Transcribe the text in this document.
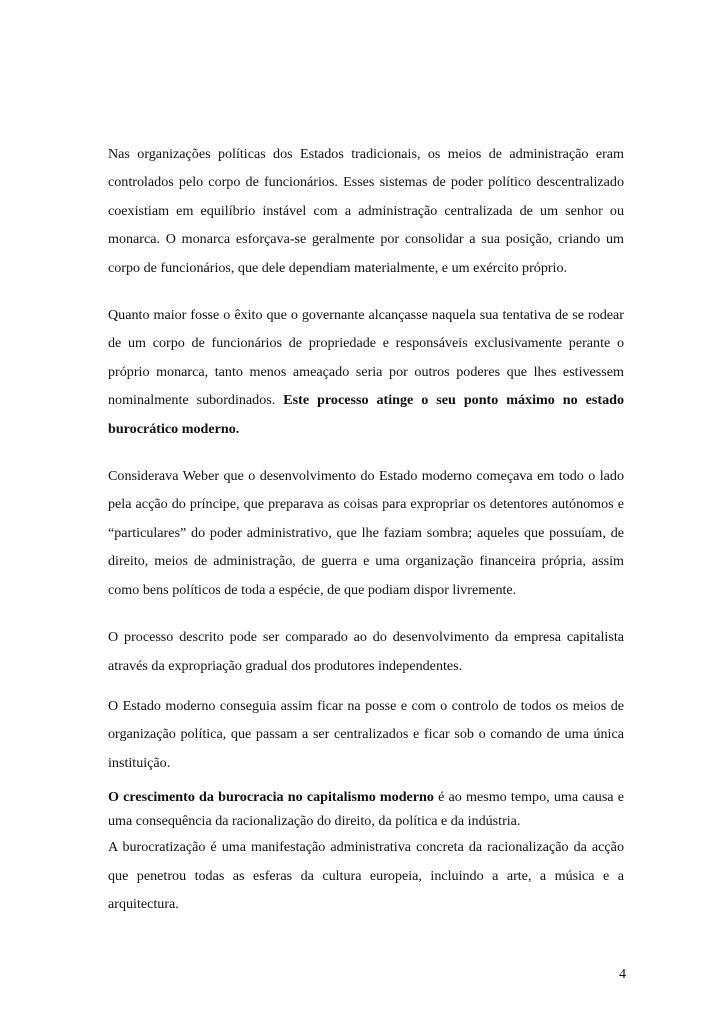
Nas organizações políticas dos Estados tradicionais, os meios de administração eram controlados pelo corpo de funcionários. Esses sistemas de poder político descentralizado coexistiam em equilíbrio instável com a administração centralizada de um senhor ou monarca. O monarca esforçava-se geralmente por consolidar a sua posição, criando um corpo de funcionários, que dele dependiam materialmente, e um exército próprio.

Quanto maior fosse o êxito que o governante alcançasse naquela sua tentativa de se rodear de um corpo de funcionários de propriedade e responsáveis exclusivamente perante o próprio monarca, tanto menos ameaçado seria por outros poderes que lhes estivessem nominalmente subordinados. Este processo atinge o seu ponto máximo no estado burocrático moderno.

Considerava Weber que o desenvolvimento do Estado moderno começava em todo o lado pela acção do príncipe, que preparava as coisas para expropriar os detentores autónomos e “particulares” do poder administrativo, que lhe faziam sombra; aqueles que possuíam, de direito, meios de administração, de guerra e uma organização financeira própria, assim como bens políticos de toda a espécie, de que podiam dispor livremente.

O processo descrito pode ser comparado ao do desenvolvimento da empresa capitalista através da expropriação gradual dos produtores independentes.

O Estado moderno conseguia assim ficar na posse e com o controlo de todos os meios de organização política, que passam a ser centralizados e ficar sob o comando de uma única instituição.

O crescimento da burocracia no capitalismo moderno é ao mesmo tempo, uma causa e uma consequência da racionalização do direito, da política e da indústria.

A burocratização é uma manifestação administrativa concreta da racionalização da acção que penetrou todas as esferas da cultura europeia, incluindo a arte, a música e a arquitectura.

4
